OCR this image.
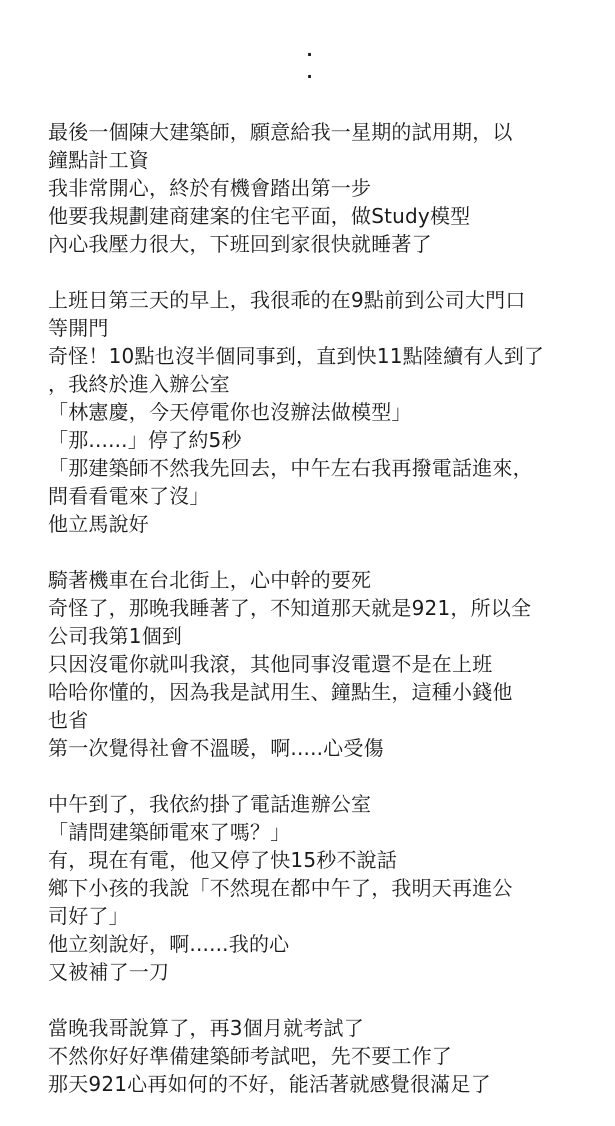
·
·
最後一個陳大建築師，願意給我一星期的試用期，以
鐘點計工資
我非常開心，終於有機會踏出第一步
他要我規劃建商建案的住宅平面，做Study模型
內心我壓力很大，下班回到家很快就睡著了
上班日第三天的早上，我很乖的在9點前到公司大門口
等開門
奇怪！10點也沒半個同事到，直到快11點陸續有人到了
，我終於進入辦公室
「林憲慶，今天停電你也沒辦法做模型」
「那......」停了約5秒
「那建築師不然我先回去，中午左右我再撥電話進來，
問看看電來了沒」
他立馬說好
騎著機車在台北街上，心中幹的要死
奇怪了，那晚我睡著了，不知道那天就是921，所以全
公司我第1個到
只因沒電你就叫我滾，其他同事沒電還不是在上班
哈哈你懂的，因為我是試用生、鐘點生，這種小錢他
也省
第一次覺得社會不溫暖，啊.....心受傷
中午到了，我依約掛了電話進辦公室
「請問建築師電來了嗎？」
有，現在有電，他又停了快15秒不說話
鄉下小孩的我說「不然現在都中午了，我明天再進公
司好了」
他立刻說好，啊......我的心
又被補了一刀
當晚我哥說算了，再3個月就考試了
不然你好好準備建築師考試吧，先不要工作了
那天921心再如何的不好，能活著就感覺很滿足了
